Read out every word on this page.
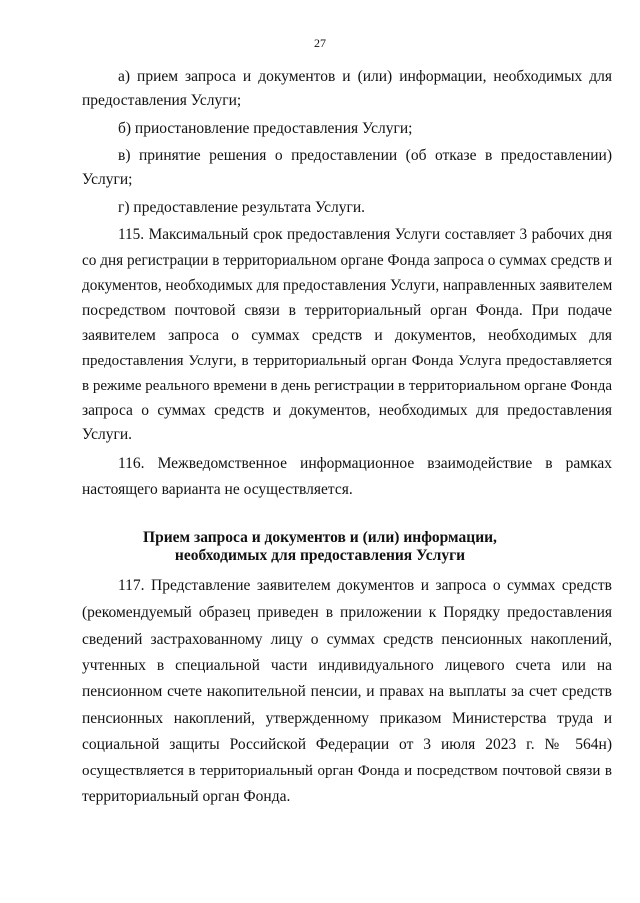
27
а) прием запроса и документов и (или) информации, необходимых для
предоставления Услуги;
б) приостановление предоставления Услуги;
в) принятие решения о предоставлении (об отказе в предоставлении)
Услуги;
г) предоставление результата Услуги.
115. Максимальный срок предоставления Услуги составляет 3 рабочих дня
со дня регистрации в территориальном органе Фонда запроса о суммах средств и
документов, необходимых для предоставления Услуги, направленных заявителем
посредством почтовой связи в территориальный орган Фонда. При подаче
заявителем запроса о суммах средств и документов, необходимых для
предоставления Услуги, в территориальный орган Фонда Услуга предоставляется
в режиме реального времени в день регистрации в территориальном органе Фонда
запроса о суммах средств и документов, необходимых для предоставления
Услуги.
116. Межведомственное информационное взаимодействие в рамках
настоящего варианта не осуществляется.
Прием запроса и документов и (или) информации,
необходимых для предоставления Услуги
117. Представление заявителем документов и запроса о суммах средств
(рекомендуемый образец приведен в приложении к Порядку предоставления
сведений застрахованному лицу о суммах средств пенсионных накоплений,
учтенных в специальной части индивидуального лицевого счета или на
пенсионном счете накопительной пенсии, и правах на выплаты за счет средств
пенсионных накоплений, утвержденному приказом Министерства труда и
социальной защиты Российской Федерации от 3 июля 2023 г. № 564н)
осуществляется в территориальный орган Фонда и посредством почтовой связи в
территориальный орган Фонда.
